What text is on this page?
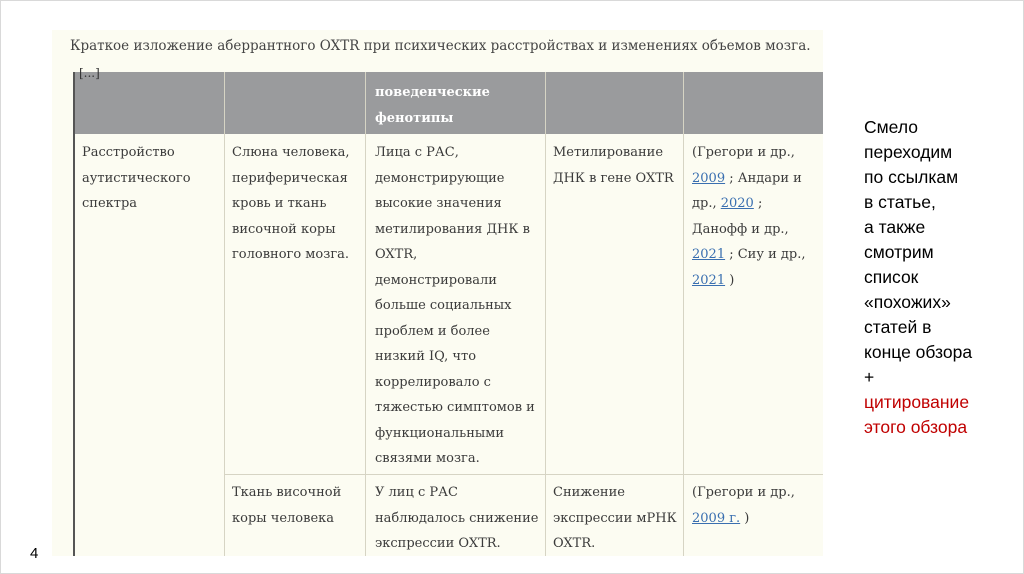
Краткое изложение аберрантного OXTR при психических расстройствах и изменениях объемов мозга.
[...]
поведенческие
фенотипы
Расстройство
аутистического
спектра
Слюна человека,
периферическая
кровь и ткань
височной коры
головного мозга.
Лица с РАС,
демонстрирующие
высокие значения
метилирования ДНК в
OXTR,
демонстрировали
больше социальных
проблем и более
низкий IQ, что
коррелировало с
тяжестью симптомов и
функциональными
связями мозга.
Метилирование
ДНК в гене OXTR
(Грегори и др.,
2009 ; Андари и
др., 2020 ;
Данофф и др.,
2021 ; Сиу и др.,
2021 )
Ткань височной
коры человека
У лиц с РАС
наблюдалось снижение
экспрессии OXTR.
Снижение
экспрессии мРНК
OXTR.
(Грегори и др.,
2009 г. )
Смело
переходим
по ссылкам
в статье,
а также
смотрим
список
«похожих»
статей в
конце обзора
+
цитирование
этого обзора
4
